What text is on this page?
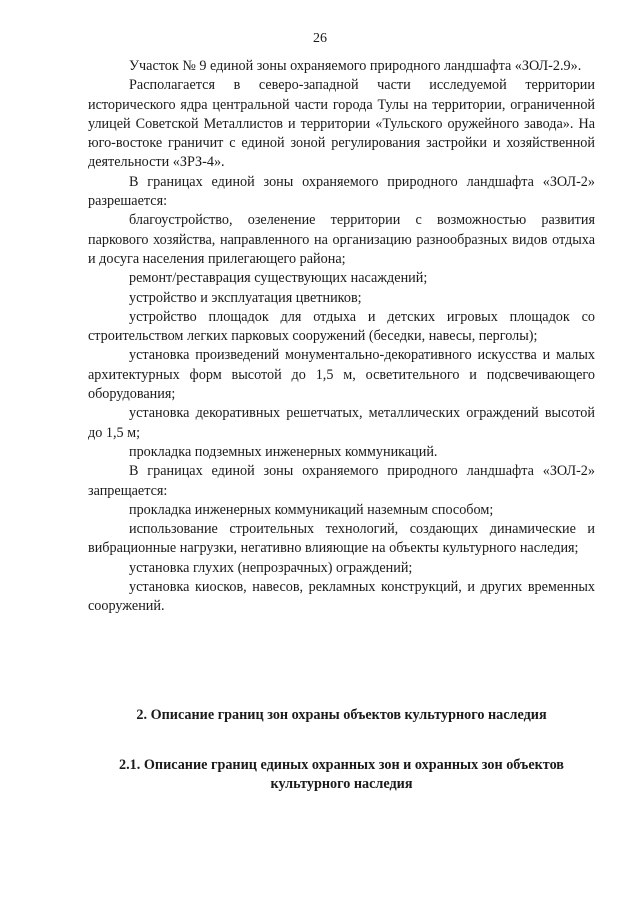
26

Участок № 9 единой зоны охраняемого природного ландшафта «ЗОЛ-2.9».

Располагается в северо-западной части исследуемой территории исторического ядра центральной части города Тулы на территории, ограниченной улицей Советской Металлистов и территории «Тульского оружейного завода». На юго-востоке граничит с единой зоной регулирования застройки и хозяйственной деятельности «ЗРЗ-4».

В границах единой зоны охраняемого природного ландшафта «ЗОЛ-2» разрешается:

благоустройство, озеленение территории с возможностью развития паркового хозяйства, направленного на организацию разнообразных видов отдыха и досуга населения прилегающего района;

ремонт/реставрация существующих насаждений;

устройство и эксплуатация цветников;

устройство площадок для отдыха и детских игровых площадок со строительством легких парковых сооружений (беседки, навесы, перголы);

установка произведений монументально-декоративного искусства и малых архитектурных форм высотой до 1,5 м, осветительного и подсвечивающего оборудования;

установка декоративных решетчатых, металлических ограждений высотой до 1,5 м;

прокладка подземных инженерных коммуникаций.

В границах единой зоны охраняемого природного ландшафта «ЗОЛ-2» запрещается:

прокладка инженерных коммуникаций наземным способом;

использование строительных технологий, создающих динамические и вибрационные нагрузки, негативно влияющие на объекты культурного наследия;

установка глухих (непрозрачных) ограждений;

установка киосков, навесов, рекламных конструкций, и других временных сооружений.

2. Описание границ зон охраны объектов культурного наследия
2.1. Описание границ единых охранных зон и охранных зон объектов культурного наследия
